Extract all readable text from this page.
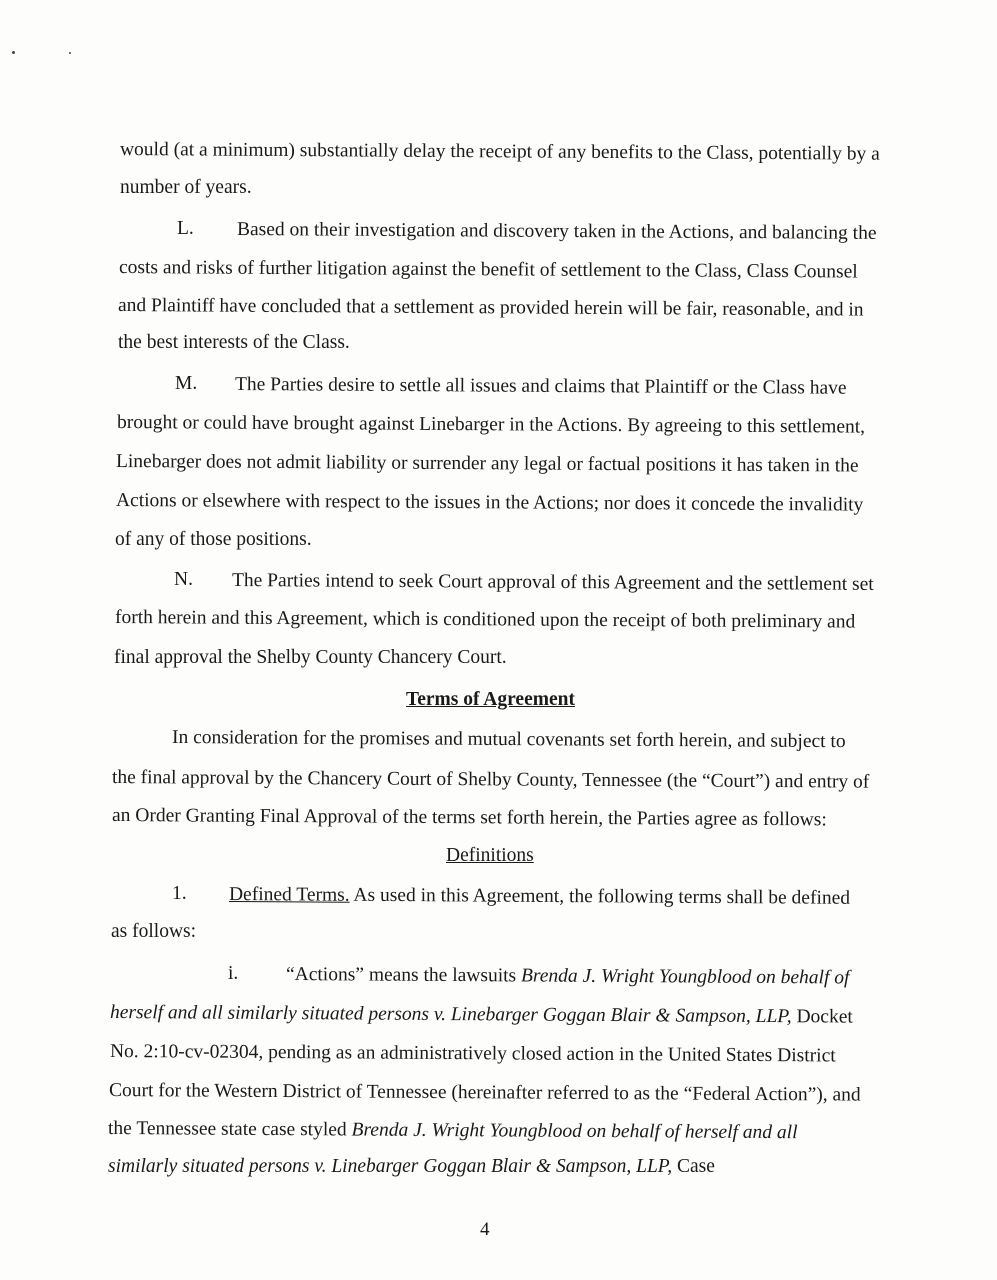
would (at a minimum) substantially delay the receipt of any benefits to the Class, potentially by a
number of years.
L. Based on their investigation and discovery taken in the Actions, and balancing the
costs and risks of further litigation against the benefit of settlement to the Class, Class Counsel
and Plaintiff have concluded that a settlement as provided herein will be fair, reasonable, and in
the best interests of the Class.
M. The Parties desire to settle all issues and claims that Plaintiff or the Class have
brought or could have brought against Linebarger in the Actions. By agreeing to this settlement,
Linebarger does not admit liability or surrender any legal or factual positions it has taken in the
Actions or elsewhere with respect to the issues in the Actions; nor does it concede the invalidity
of any of those positions.
N. The Parties intend to seek Court approval of this Agreement and the settlement set
forth herein and this Agreement, which is conditioned upon the receipt of both preliminary and
final approval the Shelby County Chancery Court.
Terms of Agreement
In consideration for the promises and mutual covenants set forth herein, and subject to
the final approval by the Chancery Court of Shelby County, Tennessee (the “Court”) and entry of
an Order Granting Final Approval of the terms set forth herein, the Parties agree as follows:
Definitions
1. Defined Terms. As used in this Agreement, the following terms shall be defined
as follows:
i. “Actions” means the lawsuits Brenda J. Wright Youngblood on behalf of
herself and all similarly situated persons v. Linebarger Goggan Blair & Sampson, LLP, Docket
No. 2:10-cv-02304, pending as an administratively closed action in the United States District
Court for the Western District of Tennessee (hereinafter referred to as the “Federal Action”), and
the Tennessee state case styled Brenda J. Wright Youngblood on behalf of herself and all
similarly situated persons v. Linebarger Goggan Blair & Sampson, LLP, Case
4
